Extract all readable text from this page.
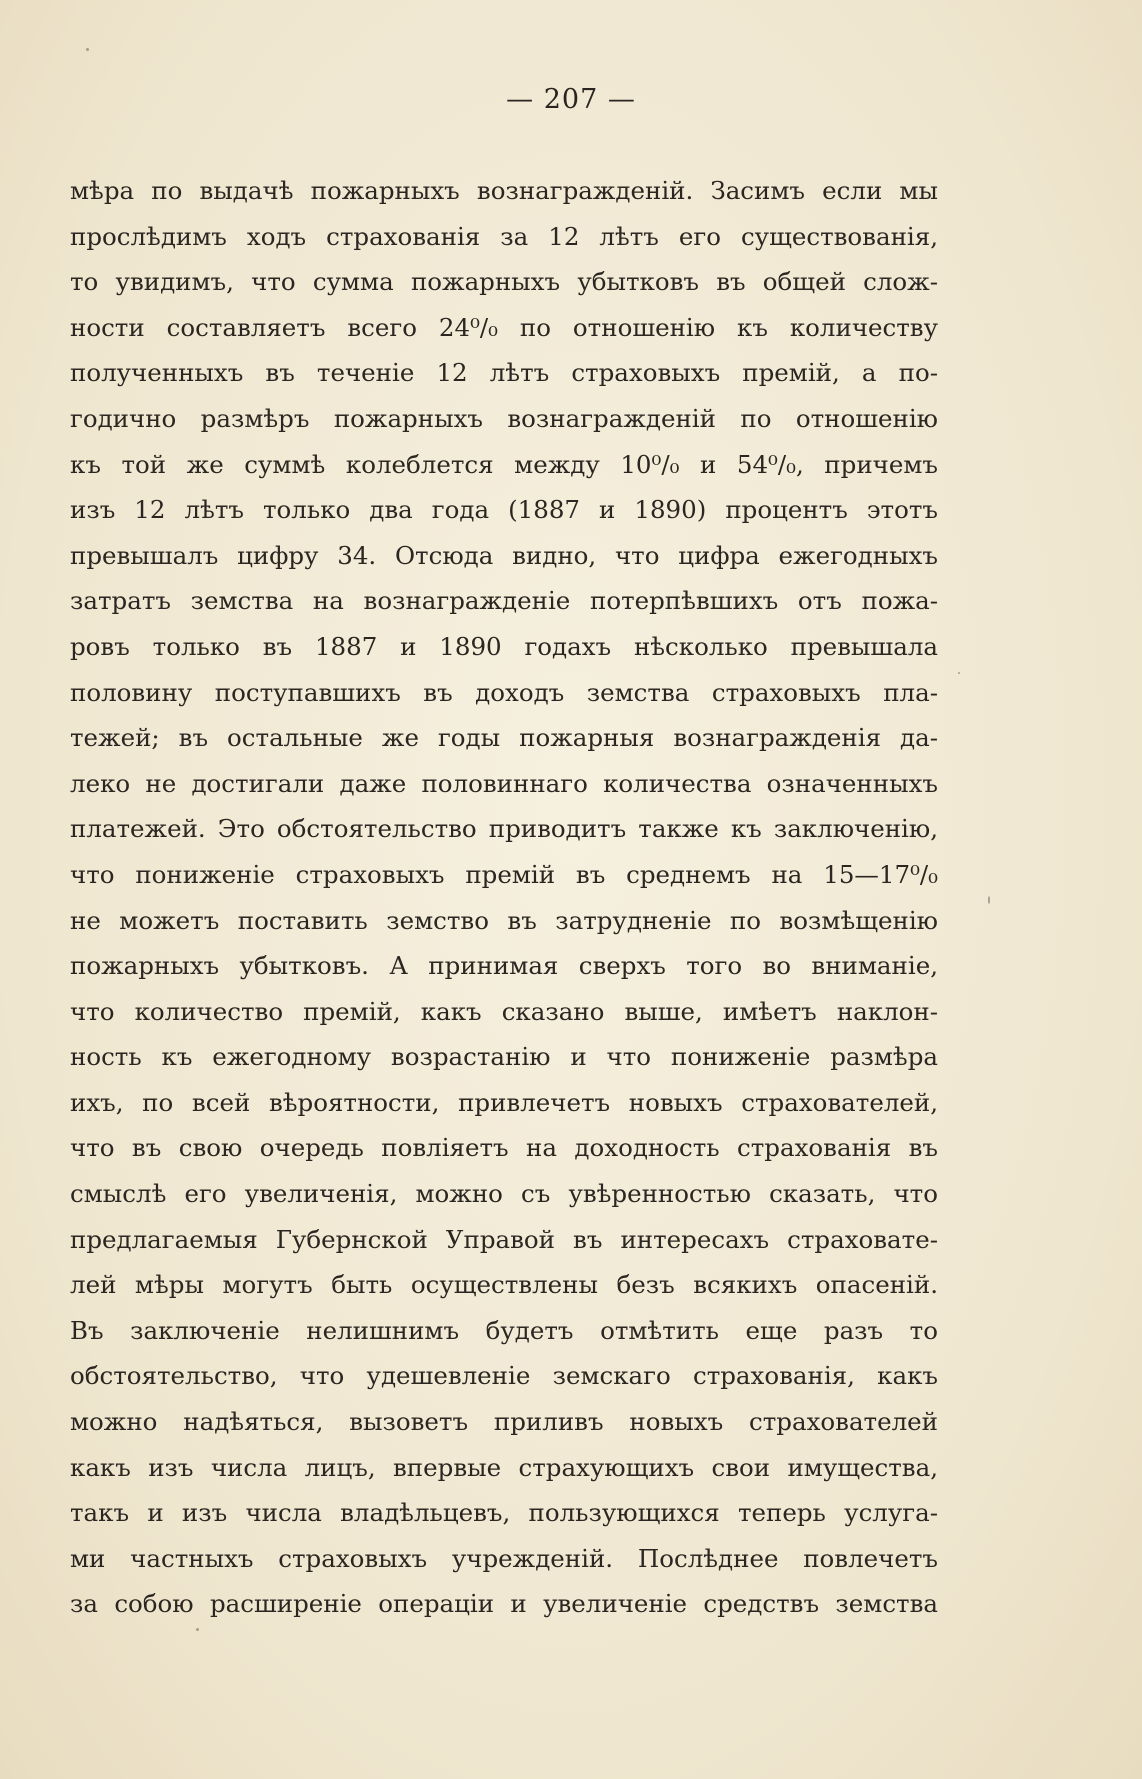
— 207 —
мѣра по выдачѣ пожарныхъ вознагражденій. Засимъ если мы
прослѣдимъ ходъ страхованія за 12 лѣтъ его существованія,
то увидимъ, что сумма пожарныхъ убытковъ въ общей слож-
ности составляетъ всего 24⁰/₀ по отношенію къ количеству
полученныхъ въ теченіе 12 лѣтъ страховыхъ премій, а по-
годично размѣръ пожарныхъ вознагражденій по отношенію
къ той же суммѣ колеблется между 10⁰/₀ и 54⁰/₀, причемъ
изъ 12 лѣтъ только два года (1887 и 1890) процентъ этотъ
превышалъ цифру 34. Отсюда видно, что цифра ежегодныхъ
затратъ земства на вознагражденіе потерпѣвшихъ отъ пожа-
ровъ только въ 1887 и 1890 годахъ нѣсколько превышала
половину поступавшихъ въ доходъ земства страховыхъ пла-
тежей; въ остальные же годы пожарныя вознагражденія да-
леко не достигали даже половиннаго количества означенныхъ
платежей. Это обстоятельство приводитъ также къ заключенію,
что пониженіе страховыхъ премій въ среднемъ на 15—17⁰/₀
не можетъ поставить земство въ затрудненіе по возмѣщенію
пожарныхъ убытковъ. А принимая сверхъ того во вниманіе,
что количество премій, какъ сказано выше, имѣетъ наклон-
ность къ ежегодному возрастанію и что пониженіе размѣра
ихъ, по всей вѣроятности, привлечетъ новыхъ страхователей,
что въ свою очередь повліяетъ на доходность страхованія въ
смыслѣ его увеличенія, можно съ увѣренностью сказать, что
предлагаемыя Губернской Управой въ интересахъ страховате-
лей мѣры могутъ быть осуществлены безъ всякихъ опасеній.
Въ заключеніе нелишнимъ будетъ отмѣтить еще разъ то
обстоятельство, что удешевленіе земскаго страхованія, какъ
можно надѣяться, вызоветъ приливъ новыхъ страхователей
какъ изъ числа лицъ, впервые страхующихъ свои имущества,
такъ и изъ числа владѣльцевъ, пользующихся теперь услуга-
ми частныхъ страховыхъ учрежденій. Послѣднее повлечетъ
за собою расширеніе операціи и увеличеніе средствъ земства
